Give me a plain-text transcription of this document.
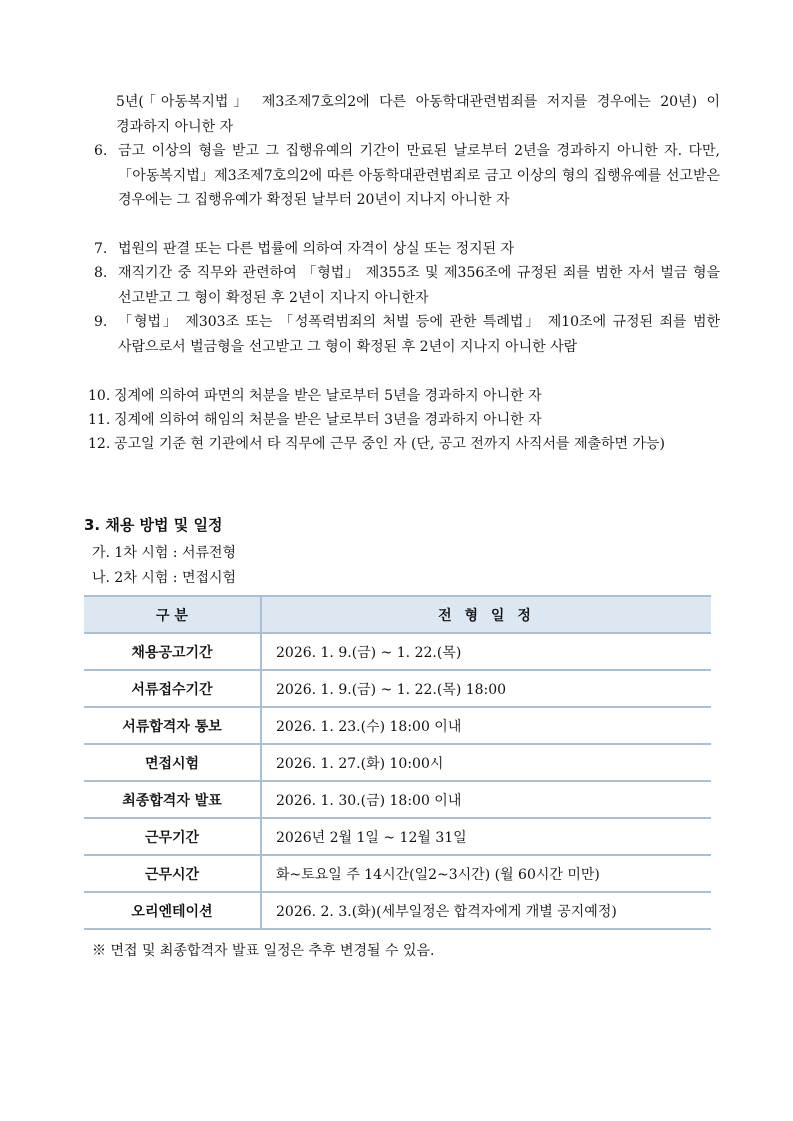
5년(「아동복지법」 제3조제7호의2에 다른 아동학대관련범죄를 저지를 경우에는 20년) 이 경과하지 아니한 자
6. 금고 이상의 형을 받고 그 집행유예의 기간이 만료된 날로부터 2년을 경과하지 아니한 자. 다만, 「아동복지법」제3조제7호의2에 따른 아동학대관련범죄로 금고 이상의 형의 집행유예를 선고받은 경우에는 그 집행유예가 확정된 날부터 20년이 지나지 아니한 자
7. 법원의 판결 또는 다른 법률에 의하여 자격이 상실 또는 정지된 자
8. 재직기간 중 직무와 관련하여 「형법」 제355조 및 제356조에 규정된 죄를 범한 자서 벌금 형을 선고받고 그 형이 확정된 후 2년이 지나지 아니한자
9. 「형법」 제303조 또는 「성폭력범죄의 처벌 등에 관한 특례법」 제10조에 규정된 죄를 범한 사람으로서 벌금형을 선고받고 그 형이 확정된 후 2년이 지나지 아니한 사람
10. 징계에 의하여 파면의 처분을 받은 날로부터 5년을 경과하지 아니한 자
11. 징계에 의하여 해임의 처분을 받은 날로부터 3년을 경과하지 아니한 자
12. 공고일 기준 현 기관에서 타 직무에 근무 중인 자 (단, 공고 전까지 사직서를 제출하면 가능)
3. 채용 방법 및 일정
가. 1차 시험 : 서류전형
나. 2차 시험 : 면접시험
구 분	전 형 일 정
채용공고기간	2026. 1. 9.(금) ~ 1. 22.(목)
서류접수기간	2026. 1. 9.(금) ~ 1. 22.(목) 18:00
서류합격자 통보	2026. 1. 23.(수) 18:00 이내
면접시험	2026. 1. 27.(화) 10:00시
최종합격자 발표	2026. 1. 30.(금) 18:00 이내
근무기간	2026년 2월 1일 ~ 12월 31일
근무시간	화~토요일 주 14시간(일2~3시간) (월 60시간 미만)
오리엔테이션	2026. 2. 3.(화)(세부일정은 합격자에게 개별 공지예정)
※ 면접 및 최종합격자 발표 일정은 추후 변경될 수 있음.
